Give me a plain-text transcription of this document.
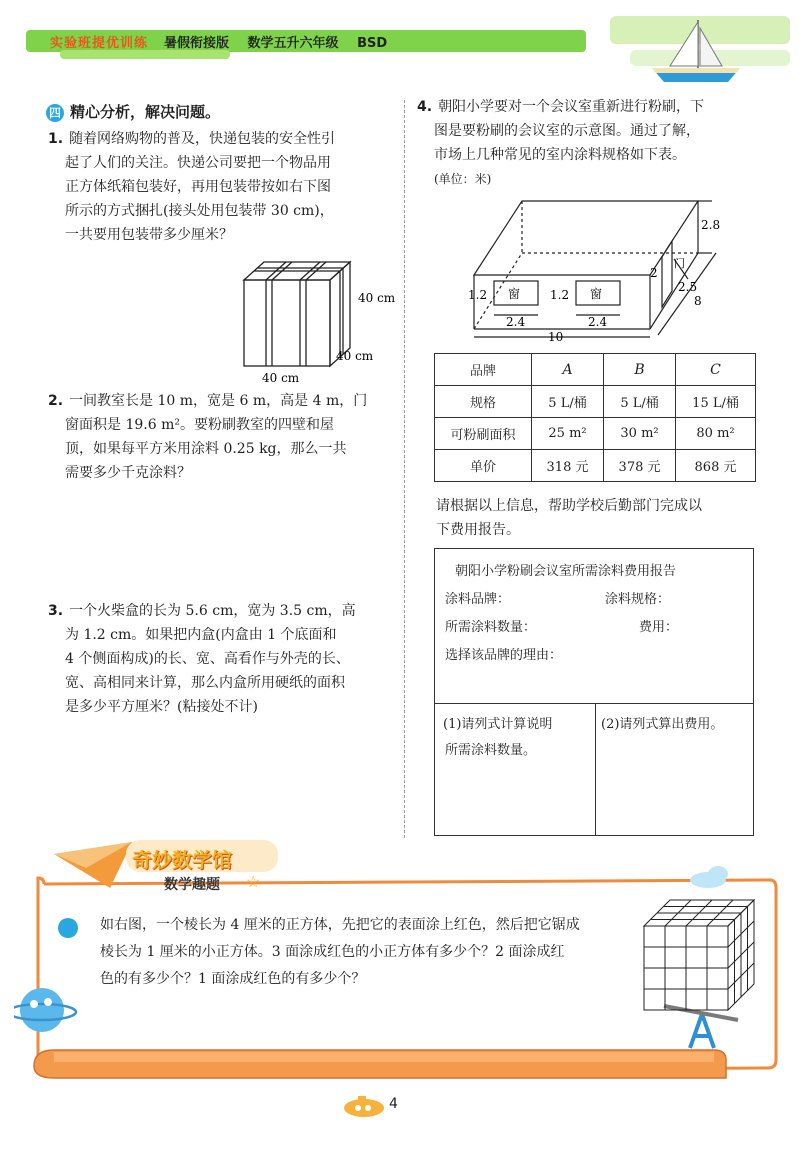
实验班提优训练 暑假衔接版 数学五升六年级 BSD
四 精心分析，解决问题。
1. 随着网络购物的普及，快递包装的安全性引
起了人们的关注。快递公司要把一个物品用
正方体纸箱包装好，再用包装带按如右下图
所示的方式捆扎(接头处用包装带 30 cm)，
一共要用包装带多少厘米？
40 cm
40 cm
40 cm
2. 一间教室长是 10 m，宽是 6 m，高是 4 m，门
窗面积是 19.6 m²。要粉刷教室的四壁和屋
顶，如果每平方米用涂料 0.25 kg，那么一共
需要多少千克涂料？
3. 一个火柴盒的长为 5.6 cm，宽为 3.5 cm，高
为 1.2 cm。如果把内盒(内盒由 1 个底面和
4 个侧面构成)的长、宽、高看作与外壳的长、
宽、高相同来计算，那么内盒所用硬纸的面积
是多少平方厘米？(粘接处不计)
4. 朝阳小学要对一个会议室重新进行粉刷，下
图是要粉刷的会议室的示意图。通过了解，
市场上几种常见的室内涂料规格如下表。
(单位：米)
2.8
2
门
2.5
8
10
1.2 窗
2.4
1.2 窗
2.4
品牌	A	B	C
规格	5 L/桶	5 L/桶	15 L/桶
可粉刷面积	25 m²	30 m²	80 m²
单价	318 元	378 元	868 元
请根据以上信息，帮助学校后勤部门完成以
下费用报告。
朝阳小学粉刷会议室所需涂料费用报告
涂料品牌：	涂料规格：
所需涂料数量：	费用：
选择该品牌的理由：
(1)请列式计算说明
所需涂料数量。
(2)请列式算出费用。
奇妙数学馆
数学趣题 ☆
如右图，一个棱长为 4 厘米的正方体，先把它的表面涂上红色，然后把它锯成
棱长为 1 厘米的小正方体。3 面涂成红色的小正方体有多少个？2 面涂成红
色的有多少个？1 面涂成红色的有多少个？
4
